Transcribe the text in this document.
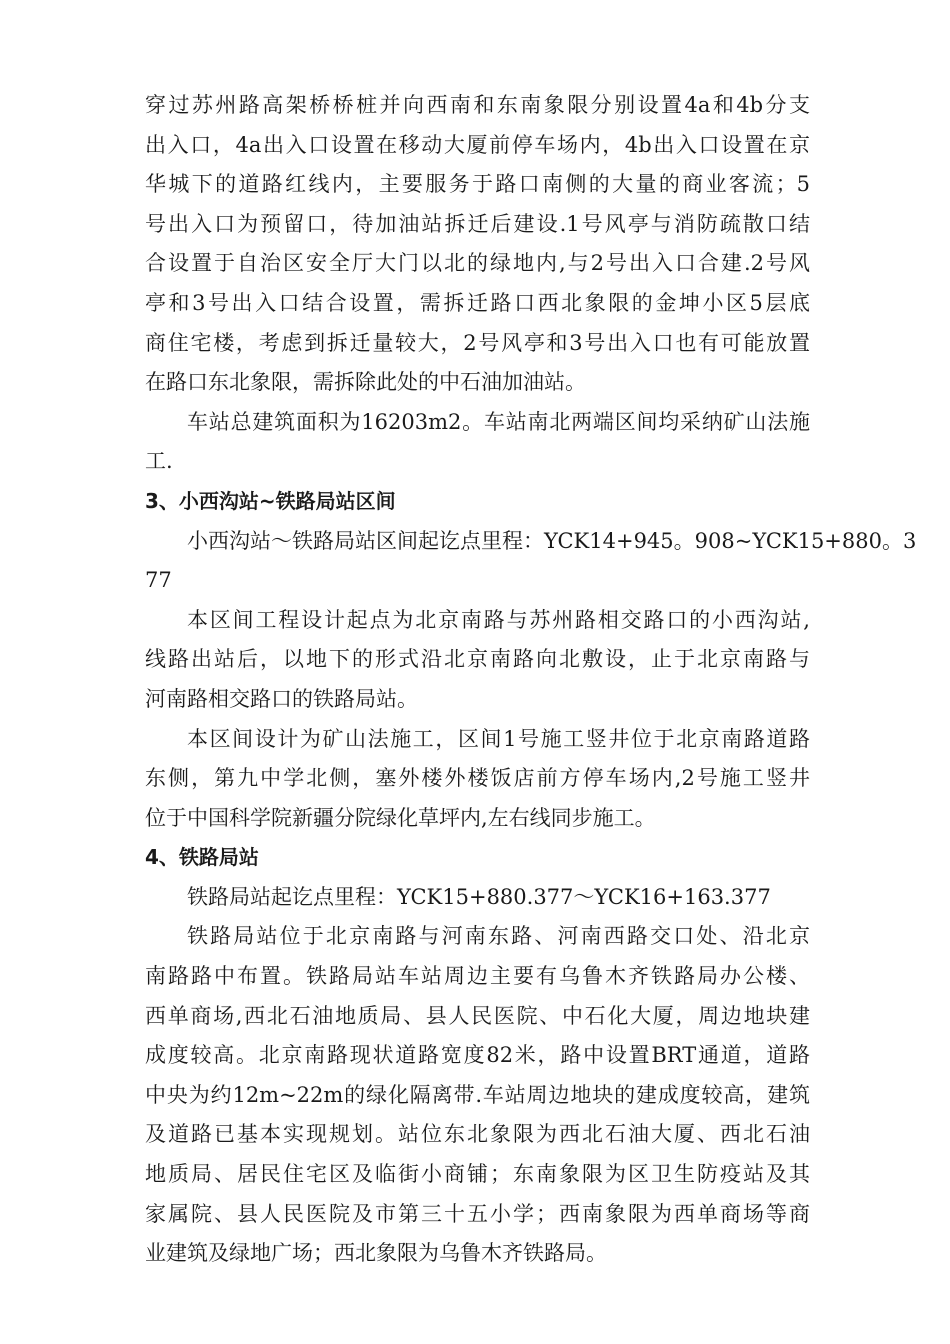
穿过苏州路高架桥桥桩并向西南和东南象限分别设置4a和4b分支
出入口，4a出入口设置在移动大厦前停车场内，4b出入口设置在京
华城下的道路红线内，主要服务于路口南侧的大量的商业客流；5
号出入口为预留口，待加油站拆迁后建设.1号风亭与消防疏散口结
合设置于自治区安全厅大门以北的绿地内,与2号出入口合建.2号风
亭和3号出入口结合设置，需拆迁路口西北象限的金坤小区5层底
商住宅楼，考虑到拆迁量较大，2号风亭和3号出入口也有可能放置
在路口东北象限，需拆除此处的中石油加油站。
车站总建筑面积为16203m2。车站南北两端区间均采纳矿山法施
工.
3、小西沟站~铁路局站区间
小西沟站～铁路局站区间起讫点里程：YCK14+945。908~YCK15+880。3
77
本区间工程设计起点为北京南路与苏州路相交路口的小西沟站,
线路出站后，以地下的形式沿北京南路向北敷设，止于北京南路与
河南路相交路口的铁路局站。
本区间设计为矿山法施工，区间1号施工竖井位于北京南路道路
东侧，第九中学北侧，塞外楼外楼饭店前方停车场内,2号施工竖井
位于中国科学院新疆分院绿化草坪内,左右线同步施工。
4、铁路局站
铁路局站起讫点里程：YCK15+880.377～YCK16+163.377
铁路局站位于北京南路与河南东路、河南西路交口处、沿北京
南路路中布置。铁路局站车站周边主要有乌鲁木齐铁路局办公楼、
西单商场,西北石油地质局、县人民医院、中石化大厦，周边地块建
成度较高。北京南路现状道路宽度82米，路中设置BRT通道，道路
中央为约12m~22m的绿化隔离带.车站周边地块的建成度较高，建筑
及道路已基本实现规划。站位东北象限为西北石油大厦、西北石油
地质局、居民住宅区及临街小商铺；东南象限为区卫生防疫站及其
家属院、县人民医院及市第三十五小学；西南象限为西单商场等商
业建筑及绿地广场；西北象限为乌鲁木齐铁路局。
